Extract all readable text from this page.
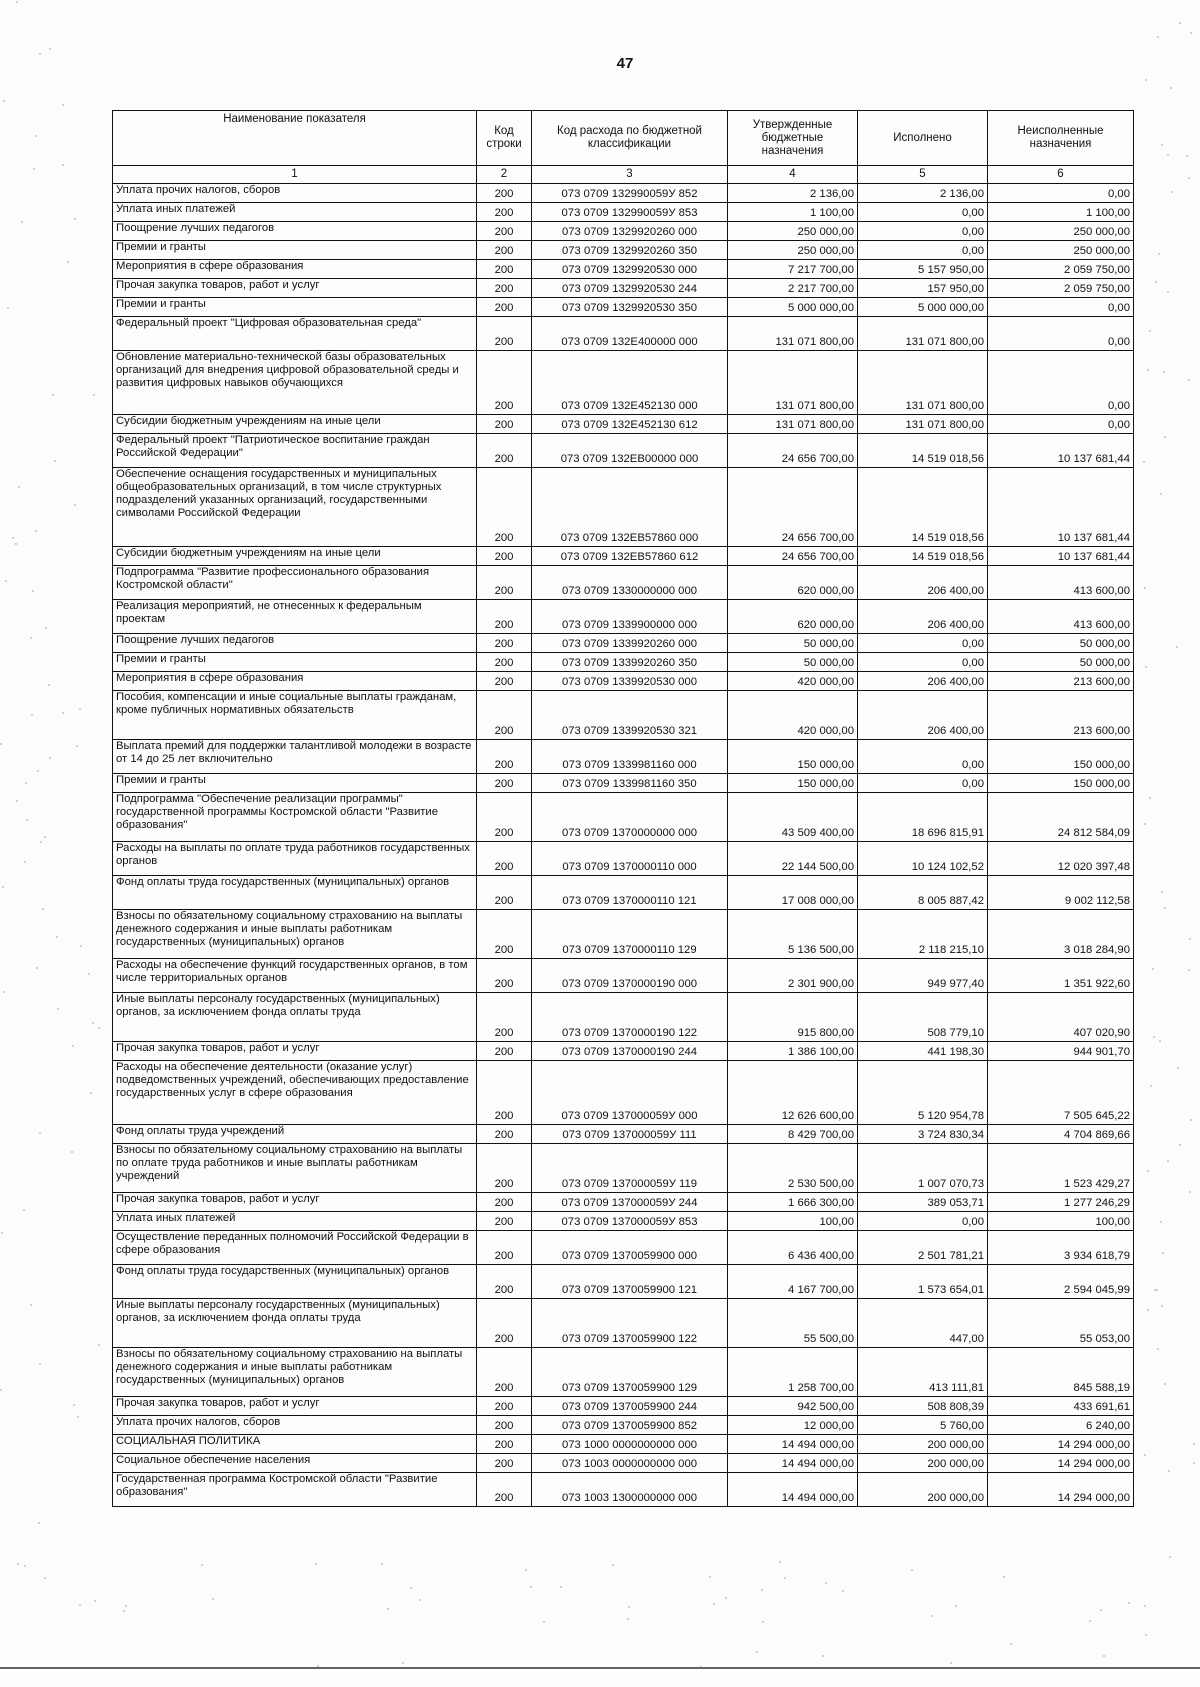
47
Наименование показателя	Код строки	Код расхода по бюджетной классификации	Утвержденные бюджетные назначения	Исполнено	Неисполненные назначения
1	2	3	4	5	6
Уплата прочих налогов, сборов	200	073 0709 132990059У 852	2 136,00	2 136,00	0,00
Уплата иных платежей	200	073 0709 132990059У 853	1 100,00	0,00	1 100,00
Поощрение лучших педагогов	200	073 0709 1329920260 000	250 000,00	0,00	250 000,00
Премии и гранты	200	073 0709 1329920260 350	250 000,00	0,00	250 000,00
Мероприятия в сфере образования	200	073 0709 1329920530 000	7 217 700,00	5 157 950,00	2 059 750,00
Прочая закупка товаров, работ и услуг	200	073 0709 1329920530 244	2 217 700,00	157 950,00	2 059 750,00
Премии и гранты	200	073 0709 1329920530 350	5 000 000,00	5 000 000,00	0,00
Федеральный проект "Цифровая образовательная среда"	200	073 0709 132E400000 000	131 071 800,00	131 071 800,00	0,00
Обновление материально-технической базы образовательных организаций для внедрения цифровой образовательной среды и развития цифровых навыков обучающихся	200	073 0709 132E452130 000	131 071 800,00	131 071 800,00	0,00
Субсидии бюджетным учреждениям на иные цели	200	073 0709 132E452130 612	131 071 800,00	131 071 800,00	0,00
Федеральный проект "Патриотическое воспитание граждан Российской Федерации"	200	073 0709 132EB00000 000	24 656 700,00	14 519 018,56	10 137 681,44
Обеспечение оснащения государственных и муниципальных общеобразовательных организаций, в том числе структурных подразделений указанных организаций, государственными символами Российской Федерации	200	073 0709 132EB57860 000	24 656 700,00	14 519 018,56	10 137 681,44
Субсидии бюджетным учреждениям на иные цели	200	073 0709 132EB57860 612	24 656 700,00	14 519 018,56	10 137 681,44
Подпрограмма "Развитие профессионального образования Костромской области"	200	073 0709 1330000000 000	620 000,00	206 400,00	413 600,00
Реализация мероприятий, не отнесенных к федеральным проектам	200	073 0709 1339900000 000	620 000,00	206 400,00	413 600,00
Поощрение лучших педагогов	200	073 0709 1339920260 000	50 000,00	0,00	50 000,00
Премии и гранты	200	073 0709 1339920260 350	50 000,00	0,00	50 000,00
Мероприятия в сфере образования	200	073 0709 1339920530 000	420 000,00	206 400,00	213 600,00
Пособия, компенсации и иные социальные выплаты гражданам, кроме публичных нормативных обязательств	200	073 0709 1339920530 321	420 000,00	206 400,00	213 600,00
Выплата премий для поддержки талантливой молодежи в возрасте от 14 до 25 лет включительно	200	073 0709 1339981160 000	150 000,00	0,00	150 000,00
Премии и гранты	200	073 0709 1339981160 350	150 000,00	0,00	150 000,00
Подпрограмма "Обеспечение реализации программы" государственной программы Костромской области "Развитие образования"	200	073 0709 1370000000 000	43 509 400,00	18 696 815,91	24 812 584,09
Расходы на выплаты по оплате труда работников государственных органов	200	073 0709 1370000110 000	22 144 500,00	10 124 102,52	12 020 397,48
Фонд оплаты труда государственных (муниципальных) органов	200	073 0709 1370000110 121	17 008 000,00	8 005 887,42	9 002 112,58
Взносы по обязательному социальному страхованию на выплаты денежного содержания и иные выплаты работникам государственных (муниципальных) органов	200	073 0709 1370000110 129	5 136 500,00	2 118 215,10	3 018 284,90
Расходы на обеспечение функций государственных органов, в том числе территориальных органов	200	073 0709 1370000190 000	2 301 900,00	949 977,40	1 351 922,60
Иные выплаты персоналу государственных (муниципальных) органов, за исключением фонда оплаты труда	200	073 0709 1370000190 122	915 800,00	508 779,10	407 020,90
Прочая закупка товаров, работ и услуг	200	073 0709 1370000190 244	1 386 100,00	441 198,30	944 901,70
Расходы на обеспечение деятельности (оказание услуг) подведомственных учреждений, обеспечивающих предоставление государственных услуг в сфере образования	200	073 0709 137000059У 000	12 626 600,00	5 120 954,78	7 505 645,22
Фонд оплаты труда учреждений	200	073 0709 137000059У 111	8 429 700,00	3 724 830,34	4 704 869,66
Взносы по обязательному социальному страхованию на выплаты по оплате труда работников и иные выплаты работникам учреждений	200	073 0709 137000059У 119	2 530 500,00	1 007 070,73	1 523 429,27
Прочая закупка товаров, работ и услуг	200	073 0709 137000059У 244	1 666 300,00	389 053,71	1 277 246,29
Уплата иных платежей	200	073 0709 137000059У 853	100,00	0,00	100,00
Осуществление переданных полномочий Российской Федерации в сфере образования	200	073 0709 1370059900 000	6 436 400,00	2 501 781,21	3 934 618,79
Фонд оплаты труда государственных (муниципальных) органов	200	073 0709 1370059900 121	4 167 700,00	1 573 654,01	2 594 045,99
Иные выплаты персоналу государственных (муниципальных) органов, за исключением фонда оплаты труда	200	073 0709 1370059900 122	55 500,00	447,00	55 053,00
Взносы по обязательному социальному страхованию на выплаты денежного содержания и иные выплаты работникам государственных (муниципальных) органов	200	073 0709 1370059900 129	1 258 700,00	413 111,81	845 588,19
Прочая закупка товаров, работ и услуг	200	073 0709 1370059900 244	942 500,00	508 808,39	433 691,61
Уплата прочих налогов, сборов	200	073 0709 1370059900 852	12 000,00	5 760,00	6 240,00
СОЦИАЛЬНАЯ ПОЛИТИКА	200	073 1000 0000000000 000	14 494 000,00	200 000,00	14 294 000,00
Социальное обеспечение населения	200	073 1003 0000000000 000	14 494 000,00	200 000,00	14 294 000,00
Государственная программа Костромской области "Развитие образования"	200	073 1003 1300000000 000	14 494 000,00	200 000,00	14 294 000,00
